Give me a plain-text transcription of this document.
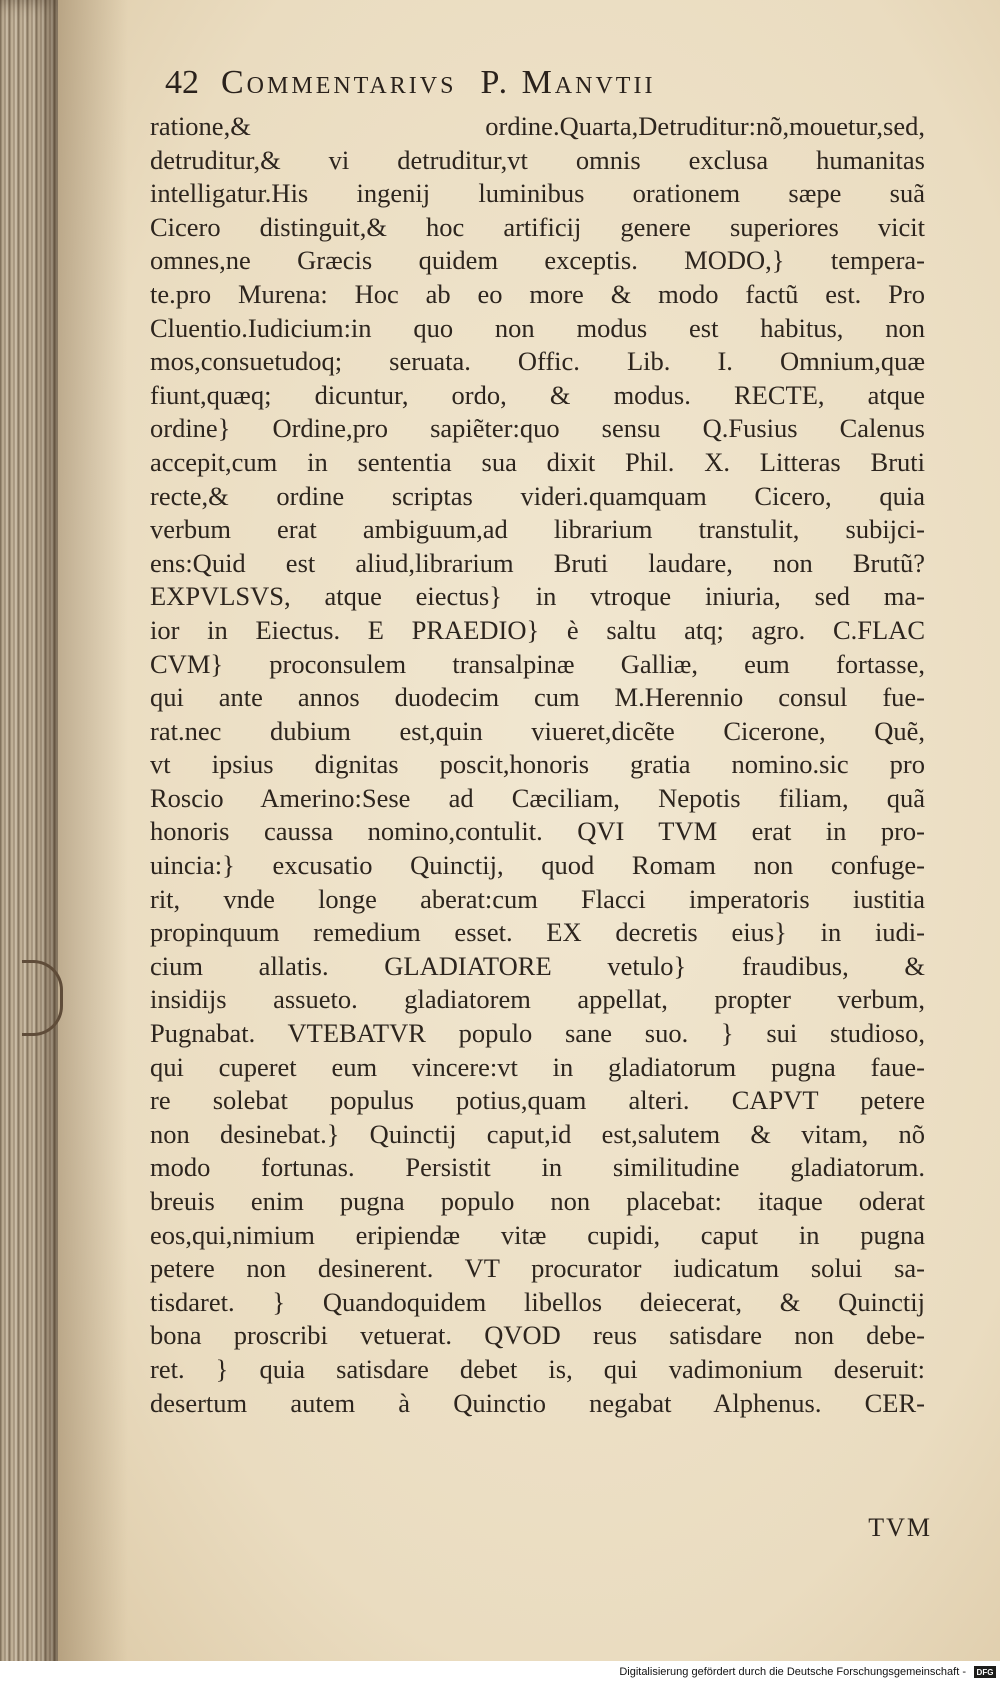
42 Commentarivs P. Manvtii
ratione,& ordine.Quarta,Detruditur:nõ,mouetur,sed,
detruditur,& vi detruditur,vt omnis exclusa humanitas
intelligatur.His ingenij luminibus orationem sæpe suã
Cicero distinguit,& hoc artificij genere superiores vicit
omnes,ne Græcis quidem exceptis. MODO,} tempera-
te.pro Murena: Hoc ab eo more & modo factũ est. Pro
Cluentio.Iudicium:in quo non modus est habitus, non
mos,consuetudoq; seruata. Offic. Lib. I. Omnium,quæ
fiunt,quæq; dicuntur, ordo, & modus. RECTE, atque
ordine} Ordine,pro sapiẽter:quo sensu Q.Fusius Calenus
accepit,cum in sententia sua dixit Phil. X. Litteras Bruti
recte,& ordine scriptas videri.quamquam Cicero, quia
verbum erat ambiguum,ad librarium transtulit, subijci-
ens:Quid est aliud,librarium Bruti laudare, non Brutũ?
EXPVLSVS, atque eiectus} in vtroque iniuria, sed ma-
ior in Eiectus. E PRAEDIO} è saltu atq; agro. C.FLAC
CVM} proconsulem transalpinæ Galliæ, eum fortasse,
qui ante annos duodecim cum M.Herennio consul fue-
rat.nec dubium est,quin viueret,dicẽte Cicerone, Quẽ,
vt ipsius dignitas poscit,honoris gratia nomino.sic pro
Roscio Amerino:Sese ad Cæciliam, Nepotis filiam, quã
honoris caussa nomino,contulit. QVI TVM erat in pro-
uincia:} excusatio Quinctij, quod Romam non confuge-
rit, vnde longe aberat:cum Flacci imperatoris iustitia
propinquum remedium esset. EX decretis eius} in iudi-
cium allatis. GLADIATORE vetulo} fraudibus, &
insidijs assueto. gladiatorem appellat, propter verbum,
Pugnabat. VTEBATVR populo sane suo. } sui studioso,
qui cuperet eum vincere:vt in gladiatorum pugna faue-
re solebat populus potius,quam alteri. CAPVT petere
non desinebat.} Quinctij caput,id est,salutem & vitam, nõ
modo fortunas. Persistit in similitudine gladiatorum.
breuis enim pugna populo non placebat: itaque oderat
eos,qui,nimium eripiendæ vitæ cupidi, caput in pugna
petere non desinerent. VT procurator iudicatum solui sa-
tisdaret. } Quandoquidem libellos deiecerat, & Quinctij
bona proscribi vetuerat. QVOD reus satisdare non debe-
ret. } quia satisdare debet is, qui vadimonium deseruit:
desertum autem à Quinctio negabat Alphenus. CER-
TVM
Digitalisierung gefördert durch die Deutsche Forschungsgemeinschaft -	DFG
